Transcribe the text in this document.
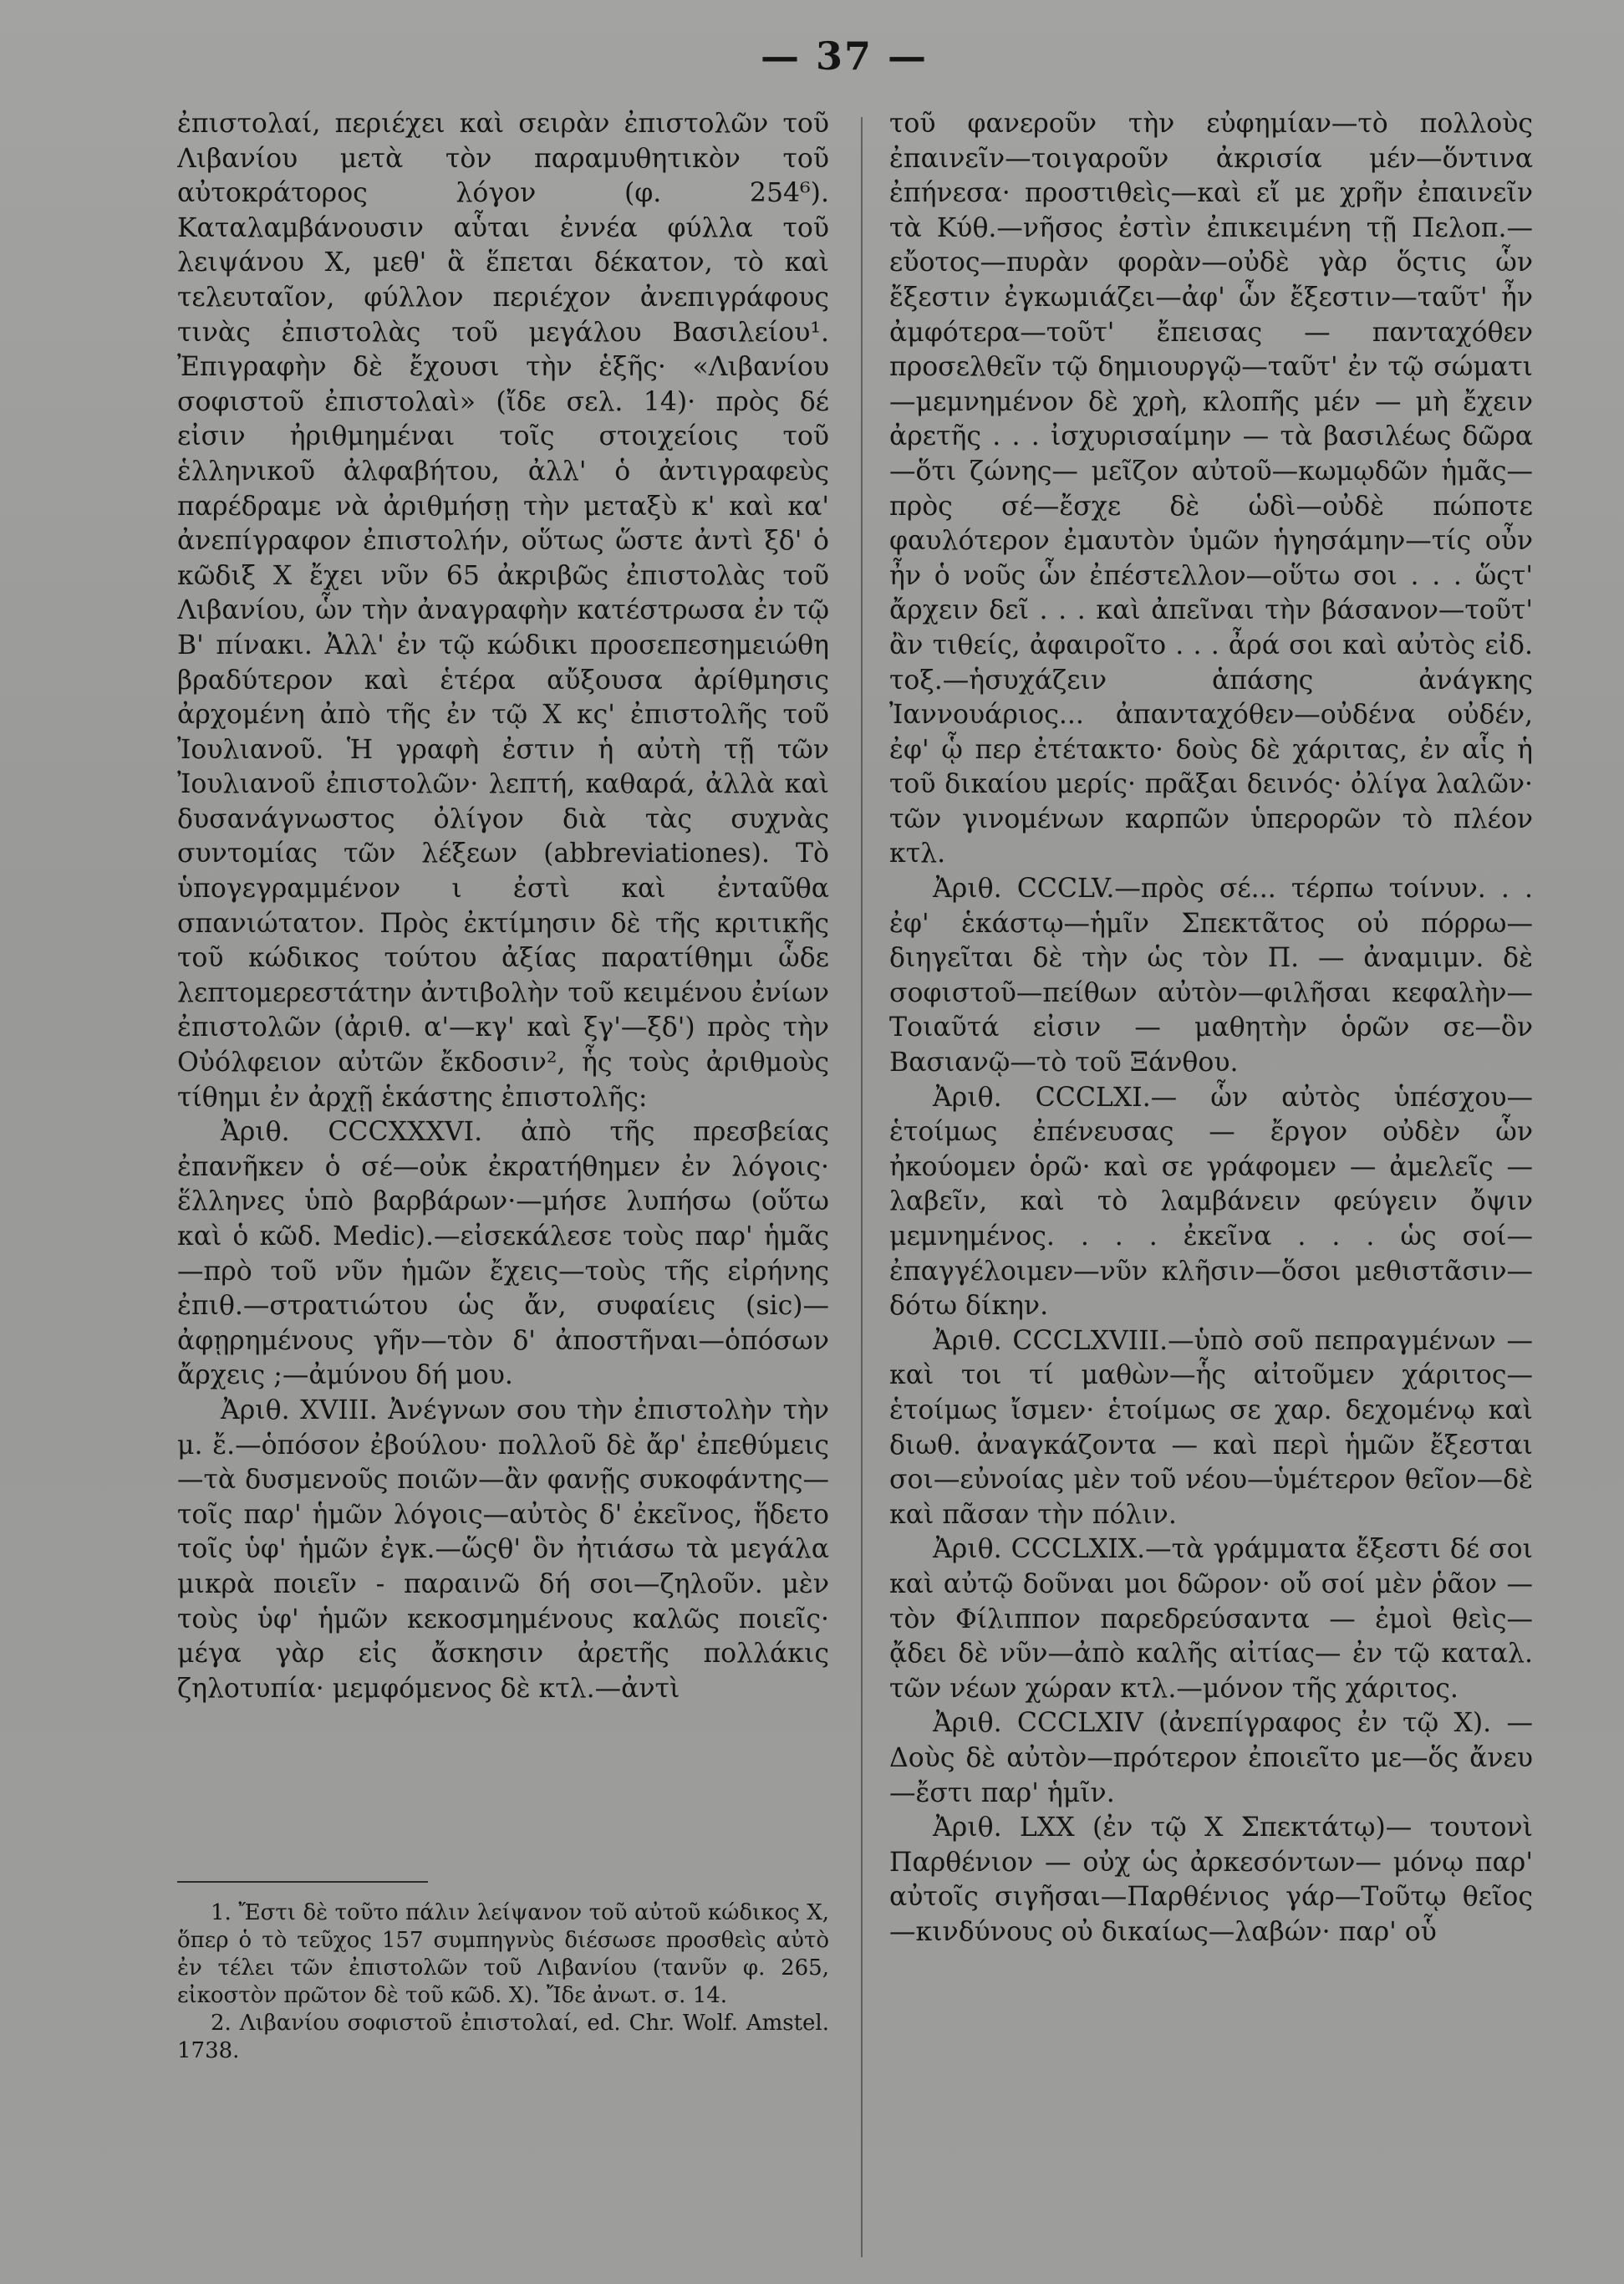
— 37 —

ἐπιστολαί, περιέχει καὶ σειρὰν ἐπιστολῶν τοῦ Λιβανίου μετὰ τὸν παραμυθητικὸν τοῦ αὐτοκράτορος λόγον (φ. 254⁶). Καταλαμβάνουσιν αὗται ἐννέα φύλλα τοῦ λειψάνου Χ, μεθ' ἃ ἕπεται δέκατον, τὸ καὶ τελευταῖον, φύλλον περιέχον ἀνεπιγράφους τινὰς ἐπιστολὰς τοῦ μεγάλου Βασιλείου¹. Ἐπιγραφὴν δὲ ἔχουσι τὴν ἑξῆς· «Λιβανίου σοφιστοῦ ἐπιστολαὶ» (ἴδε σελ. 14)· πρὸς δέ εἰσιν ἠριθμημέναι τοῖς στοιχείοις τοῦ ἑλληνικοῦ ἀλφαβήτου, ἀλλ' ὁ ἀντιγραφεὺς παρέδραμε νὰ ἀριθμήσῃ τὴν μεταξὺ κ' καὶ κα' ἀνεπίγραφον ἐπιστολήν, οὕτως ὥστε ἀντὶ ξδ' ὁ κῶδιξ Χ ἔχει νῦν 65 ἀκριβῶς ἐπιστολὰς τοῦ Λιβανίου, ὧν τὴν ἀναγραφὴν κατέστρωσα ἐν τῷ Β' πίνακι. Ἀλλ' ἐν τῷ κώδικι προσεπεσημειώθη βραδύτερον καὶ ἑτέρα αὔξουσα ἀρίθμησις ἀρχομένη ἀπὸ τῆς ἐν τῷ Χ κς' ἐπιστολῆς τοῦ Ἰουλιανοῦ. Ἡ γραφὴ ἐστιν ἡ αὐτὴ τῇ τῶν Ἰουλιανοῦ ἐπιστολῶν· λεπτή, καθαρά, ἀλλὰ καὶ δυσανάγνωστος ὀλίγον διὰ τὰς συχνὰς συντομίας τῶν λέξεων (abbreviationes). Τὸ ὑπογεγραμμένον ι ἐστὶ καὶ ἐνταῦθα σπανιώτατον. Πρὸς ἐκτίμησιν δὲ τῆς κριτικῆς τοῦ κώδικος τούτου ἀξίας παρατίθημι ὧδε λεπτομερεστάτην ἀντιβολὴν τοῦ κειμένου ἐνίων ἐπιστολῶν (ἀριθ. α'—κγ' καὶ ξγ'—ξδ') πρὸς τὴν Οὐόλφειον αὐτῶν ἔκδοσιν², ἧς τοὺς ἀριθμοὺς τίθημι ἐν ἀρχῇ ἑκάστης ἐπιστολῆς:

Ἀριθ. CCCXXXVI. ἀπὸ τῆς πρεσβείας ἐπανῆκεν ὁ σέ—οὐκ ἐκρατήθημεν ἐν λόγοις· ἕλληνες ὑπὸ βαρβάρων·—μήσε λυπήσω (οὕτω καὶ ὁ κῶδ. Medic).—εἰσεκάλεσε τοὺς παρ' ἡμᾶς—πρὸ τοῦ νῦν ἡμῶν ἔχεις—τοὺς τῆς εἰρήνης ἐπιθ.—στρατιώτου ὡς ἄν, συφαίεις (sic)—ἀφῃρημένους γῆν—τὸν δ' ἀποστῆναι—ὁπόσων ἄρχεις ;—ἀμύνου δή μου.

Ἀριθ. XVIII. Ἀνέγνων σου τὴν ἐπιστολὴν τὴν μ. ἔ.—ὁπόσον ἐβούλου· πολλοῦ δὲ ἄρ' ἐπεθύμεις—τὰ δυσμενοῦς ποιῶν—ἂν φανῇς συκοφάντης—τοῖς παρ' ἡμῶν λόγοις—αὐτὸς δ' ἐκεῖνος, ἥδετο τοῖς ὑφ' ἡμῶν ἐγκ.—ὥςθ' ὃν ἠτιάσω τὰ μεγάλα μικρὰ ποιεῖν - παραινῶ δή σοι—ζηλοῦν. μὲν τοὺς ὑφ' ἡμῶν κεκοσμημένους καλῶς ποιεῖς· μέγα γὰρ εἰς ἄσκησιν ἀρετῆς πολλάκις ζηλοτυπία· μεμφόμενος δὲ κτλ.—ἀντὶ

1. Ἔστι δὲ τοῦτο πάλιν λείψανον τοῦ αὐτοῦ κώδικος Χ, ὅπερ ὁ τὸ τεῦχος 157 συμπηγνὺς διέσωσε προσθεὶς αὐτὸ ἐν τέλει τῶν ἐπιστολῶν τοῦ Λιβανίου (τανῦν φ. 265, εἰκοστὸν πρῶτον δὲ τοῦ κῶδ. Χ). Ἴδε ἀνωτ. σ. 14.

2. Λιβανίου σοφιστοῦ ἐπιστολαί, ed. Chr. Wolf. Amstel. 1738.

τοῦ φανεροῦν τὴν εὐφημίαν—τὸ πολλοὺς ἐπαινεῖν—τοιγαροῦν ἀκρισία μέν—ὅντινα ἐπήνεσα· προστιθεὶς—καὶ εἴ με χρῆν ἐπαινεῖν τὰ Κύθ.—νῆσος ἐστὶν ἐπικειμένη τῇ Πελοπ.—εὔοτος—πυρὰν φορὰν—οὐδὲ γὰρ ὅςτις ὧν ἔξεστιν ἐγκωμιάζει—ἀφ' ὧν ἔξεστιν—ταῦτ' ἦν ἀμφότερα—τοῦτ' ἔπεισας — πανταχόθεν προσελθεῖν τῷ δημιουργῷ—ταῦτ' ἐν τῷ σώματι—μεμνημένον δὲ χρὴ, κλοπῆς μέν — μὴ ἔχειν ἀρετῆς . . . ἰσχυρισαίμην — τὰ βασιλέως δῶρα—ὅτι ζώνης— μεῖζον αὐτοῦ—κωμῳδῶν ἡμᾶς—πρὸς σέ—ἔσχε δὲ ὡδὶ—οὐδὲ πώποτε φαυλότερον ἐμαυτὸν ὑμῶν ἡγησάμην—τίς οὖν ἦν ὁ νοῦς ὧν ἐπέστελλον—οὕτω σοι . . . ὥςτ' ἄρχειν δεῖ . . . καὶ ἀπεῖναι τὴν βάσανον—τοῦτ' ἂν τιθείς, ἀφαιροῖτο . . . ἆρά σοι καὶ αὐτὸς εἰδ. τοξ.—ἡσυχάζειν ἁπάσης ἀνάγκης Ἰαννουάριος... ἀπανταχόθεν—οὐδένα οὐδέν, ἐφ' ᾧ περ ἐτέτακτο· δοὺς δὲ χάριτας, ἐν αἷς ἡ τοῦ δικαίου μερίς· πρᾶξαι δεινός· ὀλίγα λαλῶν· τῶν γινομένων καρπῶν ὑπερορῶν τὸ πλέον κτλ.

Ἀριθ. CCCLV.—πρὸς σέ... τέρπω τοίνυν. . . ἐφ' ἑκάστῳ—ἡμῖν Σπεκτᾶτος οὐ πόρρω—διηγεῖται δὲ τὴν ὡς τὸν Π. — ἀναμιμν. δὲ σοφιστοῦ—πείθων αὐτὸν—φιλῆσαι κεφαλὴν—Τοιαῦτά εἰσιν — μαθητὴν ὁρῶν σε—ὃν Βασιανῷ—τὸ τοῦ Ξάνθου.

Ἀριθ. CCCLXI.— ὧν αὐτὸς ὑπέσχου—ἑτοίμως ἐπένευσας — ἔργον οὐδὲν ὧν ἠκούομεν ὁρῶ· καὶ σε γράφομεν — ἀμελεῖς — λαβεῖν, καὶ τὸ λαμβάνειν φεύγειν ὄψιν μεμνημένος. . . . ἐκεῖνα . . . ὡς σοί—ἐπαγγέλοιμεν—νῦν κλῆσιν—ὅσοι μεθιστᾶσιν—δότω δίκην.

Ἀριθ. CCCLXVIII.—ὑπὸ σοῦ πεπραγμένων —καὶ τοι τί μαθὼν—ἧς αἰτοῦμεν χάριτος—ἑτοίμως ἴσμεν· ἑτοίμως σε χαρ. δεχομένῳ καὶ διωθ. ἀναγκάζοντα — καὶ περὶ ἡμῶν ἔξεσται σοι—εὐνοίας μὲν τοῦ νέου—ὑμέτερον θεῖον—δὲ καὶ πᾶσαν τὴν πόλιν.

Ἀριθ. CCCLXIX.—τὰ γράμματα ἔξεστι δέ σοι καὶ αὐτῷ δοῦναι μοι δῶρον· οὔ σοί μὲν ῥᾶον — τὸν Φίλιππον παρεδρεύσαντα — ἐμοὶ θεὶς—ᾄδει δὲ νῦν—ἀπὸ καλῆς αἰτίας— ἐν τῷ καταλ. τῶν νέων χώραν κτλ.—μόνον τῆς χάριτος.

Ἀριθ. CCCLXIV (ἀνεπίγραφος ἐν τῷ Χ). —Δοὺς δὲ αὐτὸν—πρότερον ἐποιεῖτο με—ὅς ἄνευ—ἔστι παρ' ἡμῖν.

Ἀριθ. LXX (ἐν τῷ Χ Σπεκτάτῳ)— τουτονὶ Παρθένιον — οὐχ ὡς ἀρκεσόντων— μόνῳ παρ' αὐτοῖς σιγῆσαι—Παρθένιος γάρ—Τοῦτῳ θεῖος—κινδύνους οὐ δικαίως—λαβών· παρ' οὗ
